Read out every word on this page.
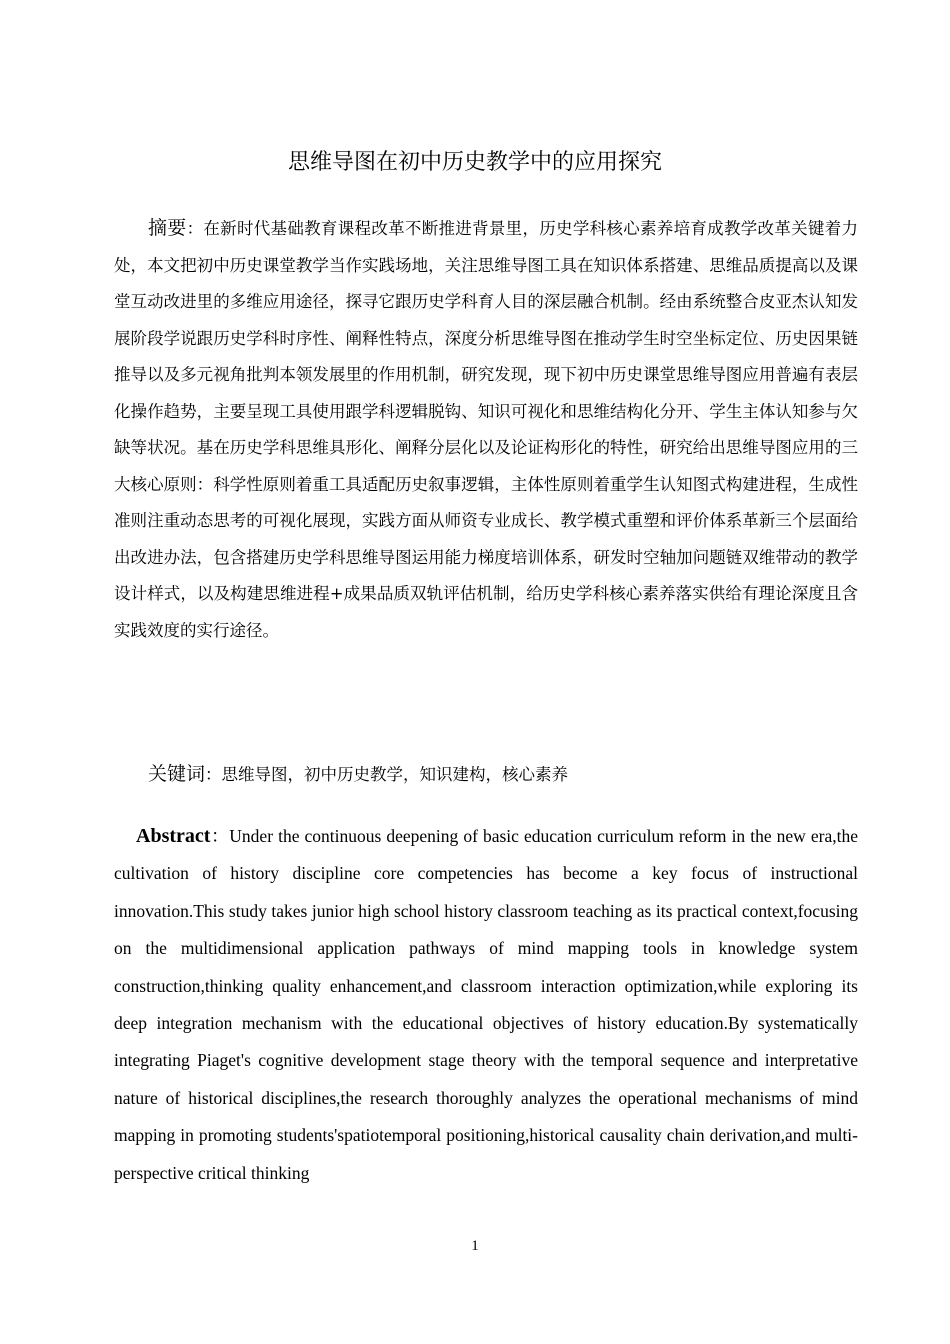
思维导图在初中历史教学中的应用探究

摘要：在新时代基础教育课程改革不断推进背景里，历史学科核心素养培育成教学改革关键着力处，本文把初中历史课堂教学当作实践场地，关注思维导图工具在知识体系搭建、思维品质提高以及课堂互动改进里的多维应用途径，探寻它跟历史学科育人目的深层融合机制。经由系统整合皮亚杰认知发展阶段学说跟历史学科时序性、阐释性特点，深度分析思维导图在推动学生时空坐标定位、历史因果链推导以及多元视角批判本领发展里的作用机制，研究发现，现下初中历史课堂思维导图应用普遍有表层化操作趋势，主要呈现工具使用跟学科逻辑脱钩、知识可视化和思维结构化分开、学生主体认知参与欠缺等状况。基在历史学科思维具形化、阐释分层化以及论证构形化的特性，研究给出思维导图应用的三大核心原则：科学性原则着重工具适配历史叙事逻辑，主体性原则着重学生认知图式构建进程，生成性准则注重动态思考的可视化展现，实践方面从师资专业成长、教学模式重塑和评价体系革新三个层面给出改进办法，包含搭建历史学科思维导图运用能力梯度培训体系，研发时空轴加问题链双维带动的教学设计样式，以及构建思维进程+成果品质双轨评估机制，给历史学科核心素养落实供给有理论深度且含实践效度的实行途径。

关键词：思维导图，初中历史教学，知识建构，核心素养

Abstract：Under the continuous deepening of basic education curriculum reform in the new era,the cultivation of history discipline core competencies has become a key focus of instructional innovation.This study takes junior high school history classroom teaching as its practical context,focusing on the multidimensional application pathways of mind mapping tools in knowledge system construction,thinking quality enhancement,and classroom interaction optimization,while exploring its deep integration mechanism with the educational objectives of history education.By systematically integrating Piaget's cognitive development stage theory with the temporal sequence and interpretative nature of historical disciplines,the research thoroughly analyzes the operational mechanisms of mind mapping in promoting students'spatiotemporal positioning,historical causality chain derivation,and multi-perspective critical thinking

1
